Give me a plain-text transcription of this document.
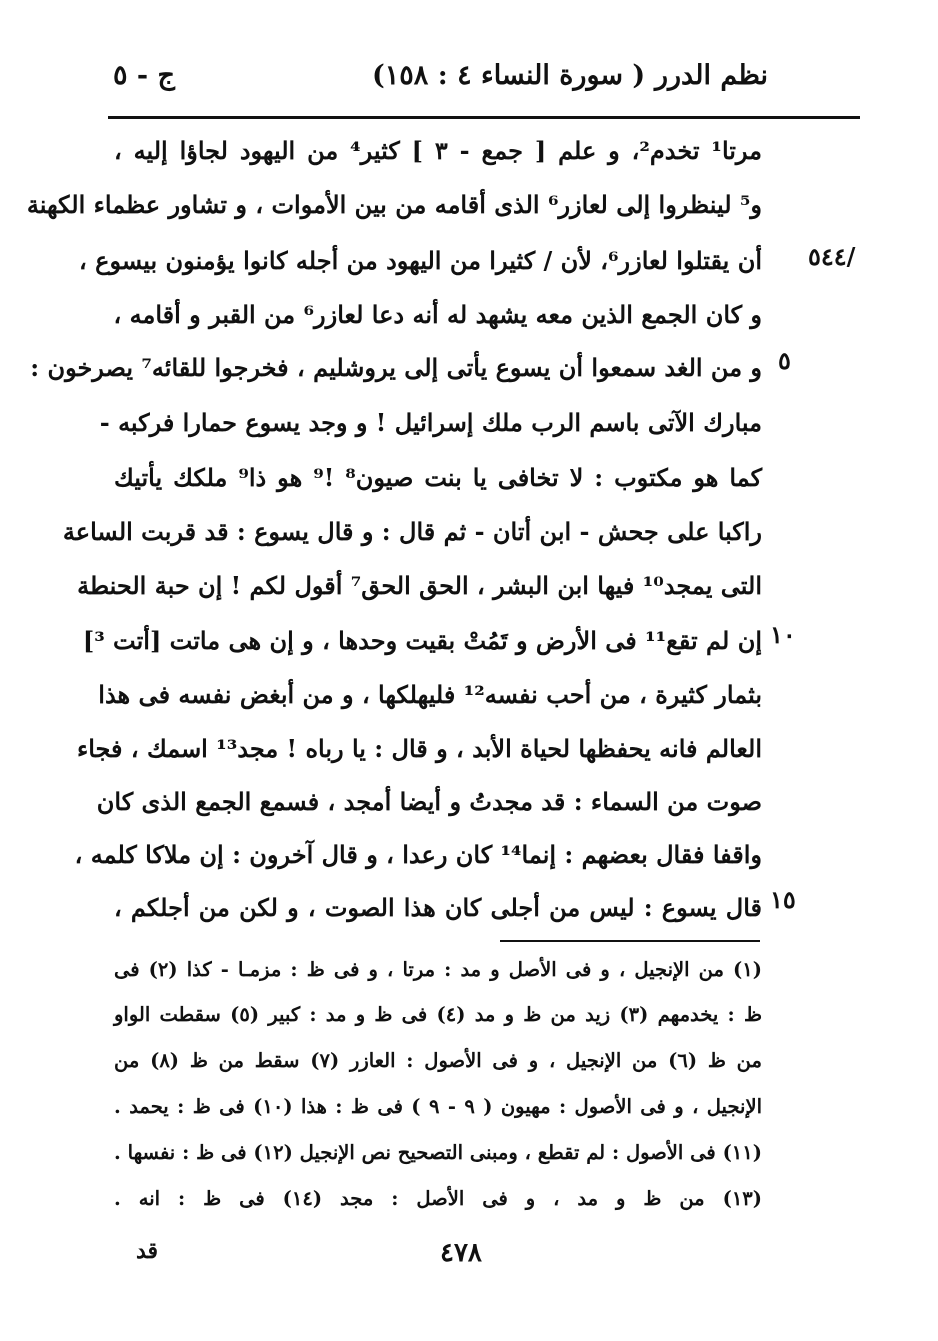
نظم الدرر
( سورة النساء ٤ : ١٥٨)
ج - ٥
/٥٤٤
٥
١٠
١٥
مرتا¹ تخدم²، و علم [ جمع - ٣ ] كثير⁴ من اليهود لجاؤا إليه ،
و⁵ لينظروا إلى لعازر⁶ الذى أقامه من بين الأموات ، و تشاور عظماء الكهنة
أن يقتلوا لعازر⁶، لأن / كثيرا من اليهود من أجله كانوا يؤمنون بيسوع ،
و كان الجمع الذين معه يشهد له أنه دعا لعازر⁶ من القبر و أقامه ،
و من الغد سمعوا أن يسوع يأتى إلى يروشليم ، فخرجوا للقائه⁷ يصرخون :
مبارك الآتى باسم الرب ملك إسرائيل ! و وجد يسوع حمارا فركبه -
كما هو مكتوب : لا تخافى يا بنت صيون⁸ !⁹ هو ذا⁹ ملكك يأتيك
راكبا على جحش - ابن أتان - ثم قال : و قال يسوع : قد قربت الساعة
التى يمجد¹⁰ فيها ابن البشر ، الحق الحق⁷ أقول لكم ! إن حبة الحنطة
إن لم تقع¹¹ فى الأرض و تَمُتْ بقيت وحدها ، و إن هى ماتت [أتت ³]
بثمار كثيرة ، من أحب نفسه¹² فليهلكها ، و من أبغض نفسه فى هذا
العالم فانه يحفظها لحياة الأبد ، و قال : يا رباه ! مجد¹³ اسمك ، فجاء
صوت من السماء : قد مجدتُ و أيضا أمجد ، فسمع الجمع الذى كان
واقفا فقال بعضهم : إنما¹⁴ كان رعدا ، و قال آخرون : إن ملاكا كلمه ،
قال يسوع : ليس من أجلى كان هذا الصوت ، و لكن من أجلكم ،
(١) من الإنجيل ، و فى الأصل و مد : مرتا ، و فى ظ : مزمـا - كذا (٢) فى
ظ : يخدمهم (٣) زيد من ظ و مد (٤) فى ظ و مد : كبير (٥) سقطت الواو
من ظ (٦) من الإنجيل ، و فى الأصول : العازر (٧) سقط من ظ (٨) من
الإنجيل ، و فى الأصول : مهيون ( ٩ - ٩ ) فى ظ : هذا (١٠) فى ظ : يحمد .
(١١) فى الأصول : لم تقطع ، ومبنى التصحيح نص الإنجيل (١٢) فى ظ : نفسها .
(١٣) من ظ و مد ، و فى الأصل : مجد (١٤) فى ظ : انه .
٤٧٨
قد
